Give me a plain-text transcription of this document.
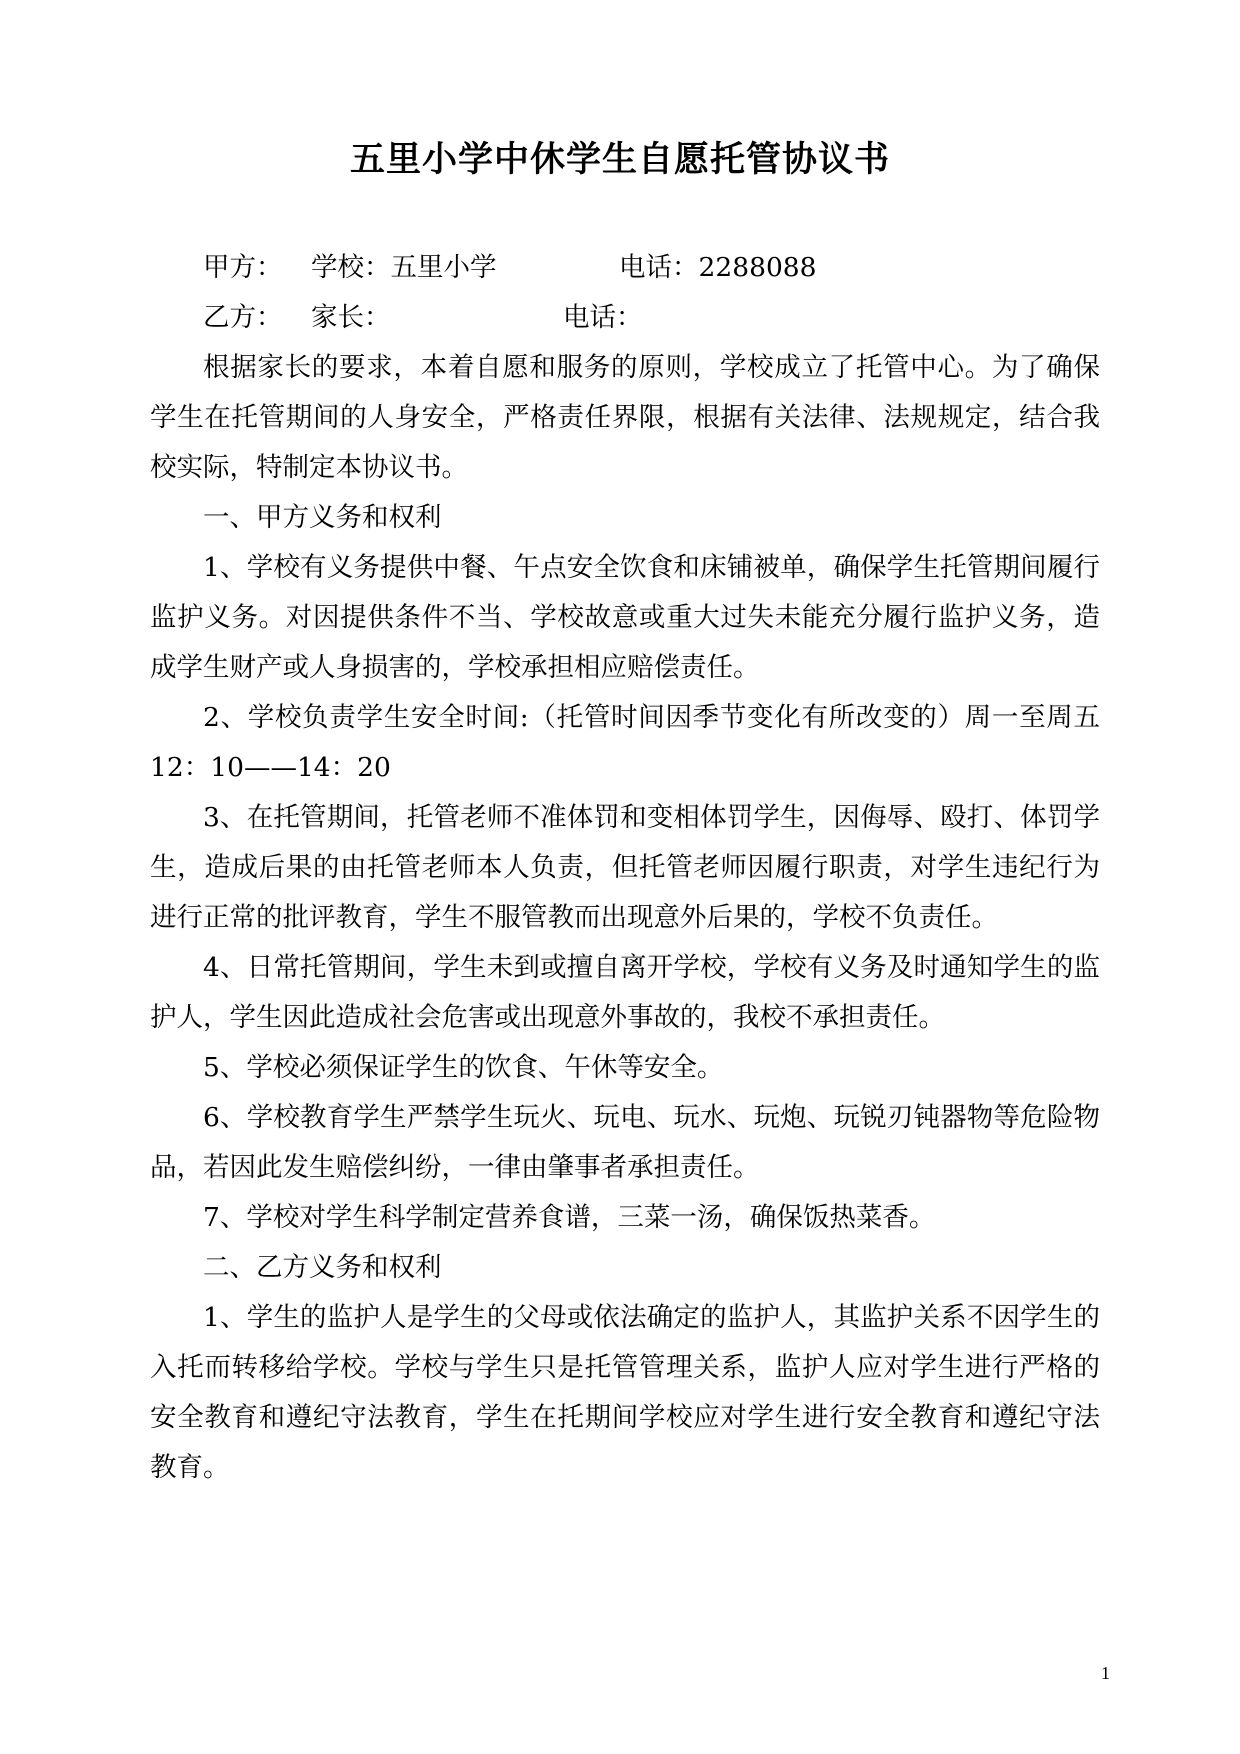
五里小学中休学生自愿托管协议书
甲方： 学校：五里小学	电话：2288088
乙方： 家长：	电话：

根据家长的要求，本着自愿和服务的原则，学校成立了托管中心。为了确保学生在托管期间的人身安全，严格责任界限，根据有关法律、法规规定，结合我校实际，特制定本协议书。

一、甲方义务和权利

1、学校有义务提供中餐、午点安全饮食和床铺被单，确保学生托管期间履行监护义务。对因提供条件不当、学校故意或重大过失未能充分履行监护义务，造成学生财产或人身损害的，学校承担相应赔偿责任。

2、学校负责学生安全时间:（托管时间因季节变化有所改变的）周一至周五　12：10——14：20

3、在托管期间，托管老师不准体罚和变相体罚学生，因侮辱、殴打、体罚学生，造成后果的由托管老师本人负责，但托管老师因履行职责，对学生违纪行为进行正常的批评教育，学生不服管教而出现意外后果的，学校不负责任。

4、日常托管期间，学生未到或擅自离开学校，学校有义务及时通知学生的监护人，学生因此造成社会危害或出现意外事故的，我校不承担责任。

5、学校必须保证学生的饮食、午休等安全。

6、学校教育学生严禁学生玩火、玩电、玩水、玩炮、玩锐刃钝器物等危险物品，若因此发生赔偿纠纷，一律由肇事者承担责任。

7、学校对学生科学制定营养食谱，三菜一汤，确保饭热菜香。

二、乙方义务和权利

1、学生的监护人是学生的父母或依法确定的监护人，其监护关系不因学生的入托而转移给学校。学校与学生只是托管管理关系，监护人应对学生进行严格的安全教育和遵纪守法教育，学生在托期间学校应对学生进行安全教育和遵纪守法教育。

1
